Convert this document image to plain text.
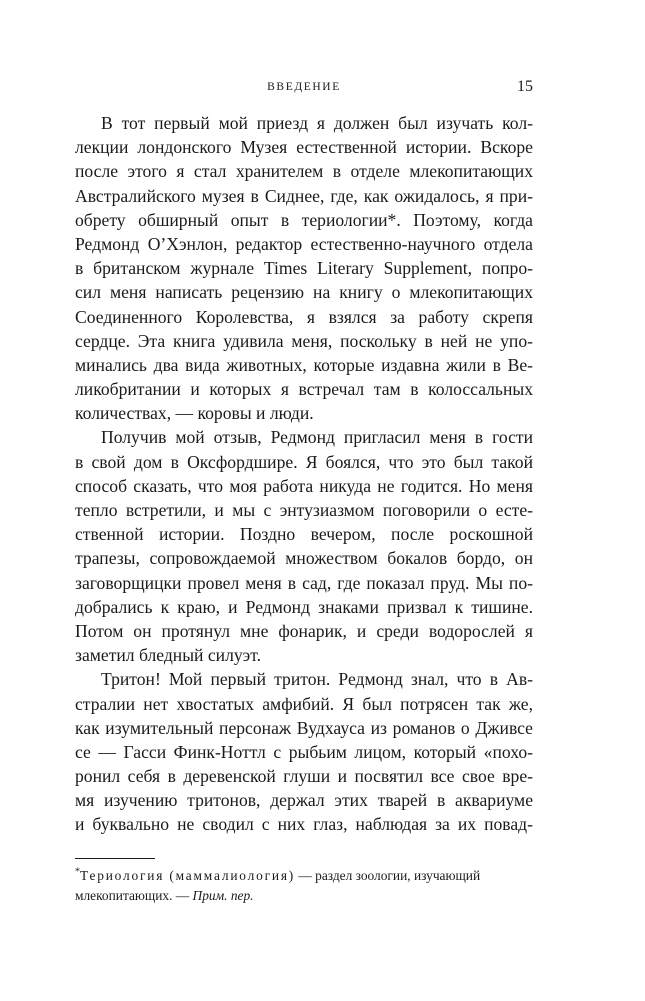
ВВЕДЕНИЕ	15
В тот первый мой приезд я должен был изучать кол-
лекции лондонского Музея естественной истории. Вскоре
после этого я стал хранителем в отделе млекопитающих
Австралийского музея в Сиднее, где, как ожидалось, я при-
обрету обширный опыт в териологии*. Поэтому, когда
Редмонд О’Хэнлон, редактор естественно-научного отдела
в британском журнале Times Literary Supplement, попро-
сил меня написать рецензию на книгу о млекопитающих
Соединенного Королевства, я взялся за работу скрепя
сердце. Эта книга удивила меня, поскольку в ней не упо-
минались два вида животных, которые издавна жили в Ве-
ликобритании и которых я встречал там в колоссальных
количествах, — коровы и люди.
Получив мой отзыв, Редмонд пригласил меня в гости
в свой дом в Оксфордшире. Я боялся, что это был такой
способ сказать, что моя работа никуда не годится. Но меня
тепло встретили, и мы с энтузиазмом поговорили о есте-
ственной истории. Поздно вечером, после роскошной
трапезы, сопровождаемой множеством бокалов бордо, он
заговорщицки провел меня в сад, где показал пруд. Мы по-
добрались к краю, и Редмонд знаками призвал к тишине.
Потом он протянул мне фонарик, и среди водорослей я
заметил бледный силуэт.
Тритон! Мой первый тритон. Редмонд знал, что в Ав-
стралии нет хвостатых амфибий. Я был потрясен так же,
как изумительный персонаж Вудхауса из романов о Дживсе
се — Гасси Финк-Ноттл с рыбьим лицом, который «похо-
ронил себя в деревенской глуши и посвятил все свое вре-
мя изучению тритонов, держал этих тварей в аквариуме
и буквально не сводил с них глаз, наблюдая за их повад-
*Териология (маммалиология) — раздел зоологии, изучающий
млекопитающих. — Прим. пер.
